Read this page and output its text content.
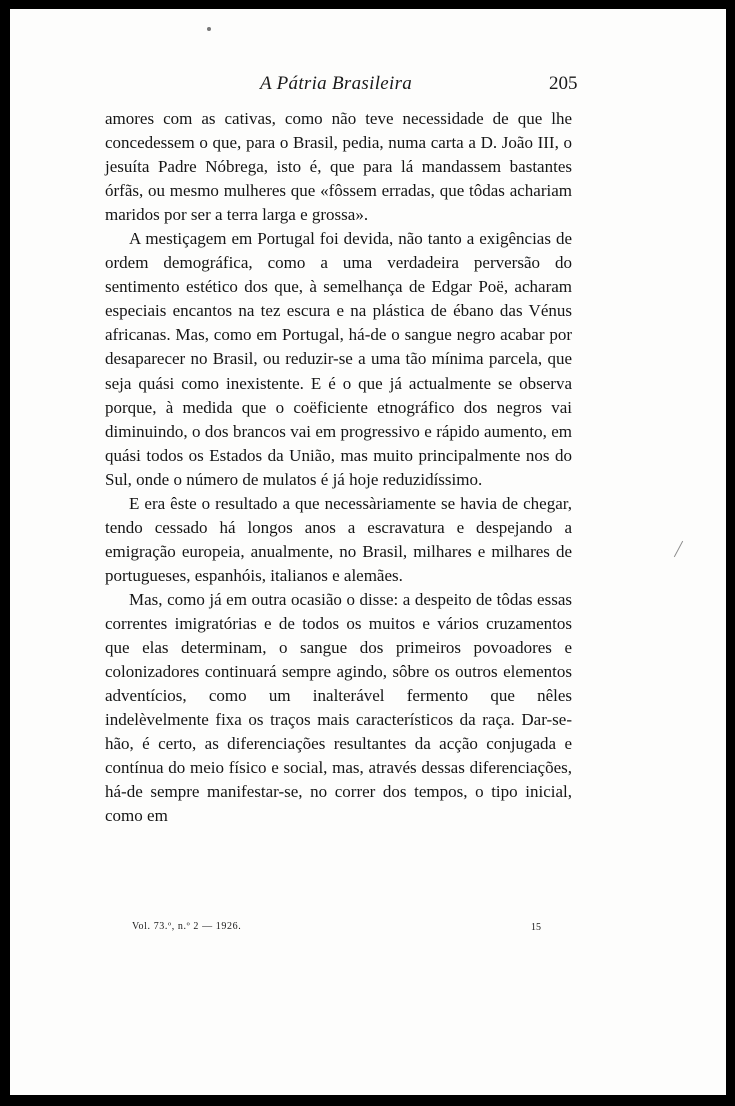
A Pátria Brasileira	205

amores com as cativas, como não teve necessidade de que lhe concedessem o que, para o Brasil, pedia, numa carta a D. João III, o jesuíta Padre Nóbrega, isto é, que para lá mandassem bastantes órfãs, ou mesmo mulheres que «fôssem erradas, que tôdas achariam maridos por ser a terra larga e grossa».

A mestiçagem em Portugal foi devida, não tanto a exigências de ordem demográfica, como a uma verdadeira perversão do sentimento estético dos que, à semelhança de Edgar Poë, acharam especiais encantos na tez escura e na plástica de ébano das Vénus africanas. Mas, como em Portugal, há-de o sangue negro acabar por desaparecer no Brasil, ou reduzir-se a uma tão mínima parcela, que seja quási como inexistente. E é o que já actualmente se observa porque, à medida que o coëficiente etnográfico dos negros vai diminuindo, o dos brancos vai em progressivo e rápido aumento, em quási todos os Estados da União, mas muito principalmente nos do Sul, onde o número de mulatos é já hoje reduzidíssimo.

E era êste o resultado a que necessàriamente se havia de chegar, tendo cessado há longos anos a escravatura e despejando a emigração europeia, anualmente, no Brasil, milhares e milhares de portugueses, espanhóis, italianos e alemães.

Mas, como já em outra ocasião o disse: a despeito de tôdas essas correntes imigratórias e de todos os muitos e vários cruzamentos que elas determinam, o sangue dos primeiros povoadores e colonizadores continuará sempre agindo, sôbre os outros elementos adventícios, como um inalterável fermento que nêles indelèvelmente fixa os traços mais característicos da raça. Dar-se-hão, é certo, as diferenciações resultantes da acção conjugada e contínua do meio físico e social, mas, através dessas diferenciações, há-de sempre manifestar-se, no correr dos tempos, o tipo inicial, como em

Vol. 73.º, n.º 2 — 1926.	15
